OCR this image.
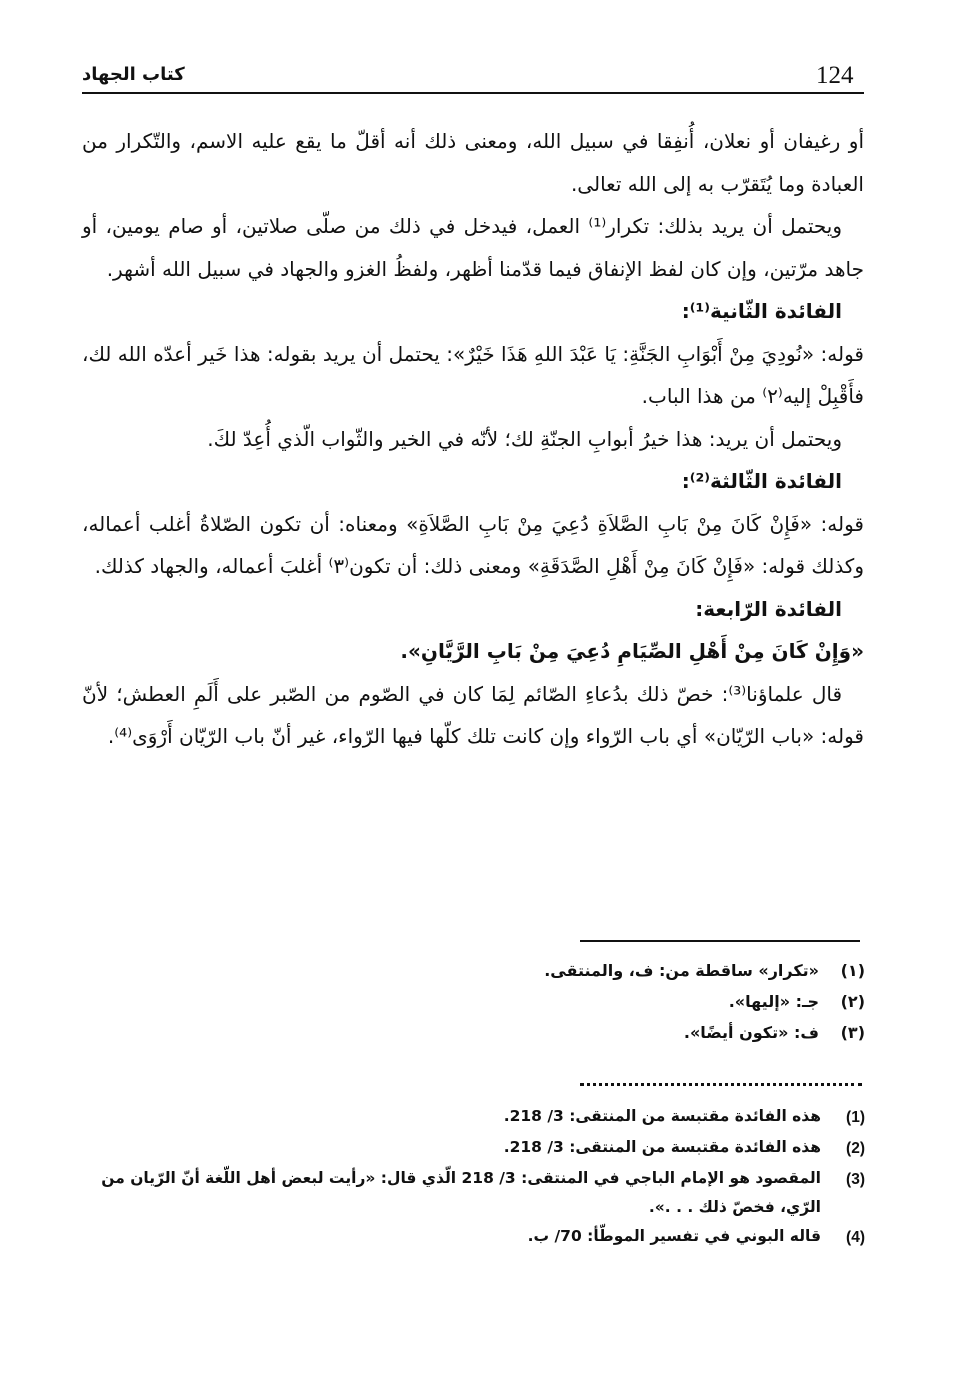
124
كتاب الجهاد

أو رغيفان أو نعلان، أُنفِقا في سبيل الله، ومعنى ذلك أنه أقلّ ما يقع عليه الاسم، والتّكرار من العبادة وما يُتَقرّب به إلى الله تعالى.

ويحتمل أن يريد بذلك: تكرار⁽¹⁾ العمل، فيدخل في ذلك من صلّى صلاتين، أو صام يومين، أو جاهد مرّتين، وإن كان لفظ الإنفاق فيما قدّمنا أظهر، ولفظُ الغزو والجهاد في سبيل الله أشهر.

الفائدة الثّانية⁽¹⁾:

قوله: «نُودِيَ مِنْ أَبْوَابِ الجَنَّةِ: يَا عَبْدَ اللهِ هَذَا خَيْرٌ»: يحتمل أن يريد بقوله: هذا خَير أعدّه الله لك، فأَقْبِلْ إليه⁽٢⁾ من هذا الباب.

ويحتمل أن يريد: هذا خيرُ أبوابِ الجنّةِ لك؛ لأنّه في الخير والثّواب الّذي أُعِدّ لكَ.

الفائدة الثّالثة⁽²⁾:

قوله: «فَإِنْ كَانَ مِنْ بَابِ الصَّلاَةِ دُعِيَ مِنْ بَابِ الصَّلاَةِ» ومعناه: أن تكون الصّلاةُ أغلب أعماله، وكذلك قوله: «فَإِنْ كَانَ مِنْ أَهْلِ الصَّدَقَةِ» ومعنى ذلك: أن تكون⁽٣⁾ أغلبَ أعماله، والجهاد كذلك.

الفائدة الرّابعة:

«وَإِنْ كَانَ مِنْ أَهْلِ الصِّيَامِ دُعِيَ مِنْ بَابِ الرَّيَّانِ».

قال علماؤنا⁽³⁾: خصّ ذلك بدُعاءِ الصّائم لِمَا كان في الصّوم من الصّبر على أَلَمِ العطش؛ لأنّ قوله: «باب الرّيّان» أي باب الرّواء وإن كانت تلك كلّها فيها الرّواء، غير أنّ باب الرّيّان أَرْوَى⁽⁴⁾.

(١)
«تكرار» ساقطة من: ف، والمنتقى.
(٢)
جـ: «إليها».
(٣)
ف: «تكون أيضًا».
(1)
هذه الفائدة مقتبسة من المنتقى: 3/ 218.
(2)
هذه الفائدة مقتبسة من المنتقى: 3/ 218.
(3)
المقصود هو الإمام الباجي في المنتقى: 3/ 218 الّذي قال: «رأيت لبعض أهل اللّغة أنّ الرّيان من الرّي، فخصّ ذلك . . .».
(4)
قاله البوني في تفسير الموطّأ: 70/ ب.
